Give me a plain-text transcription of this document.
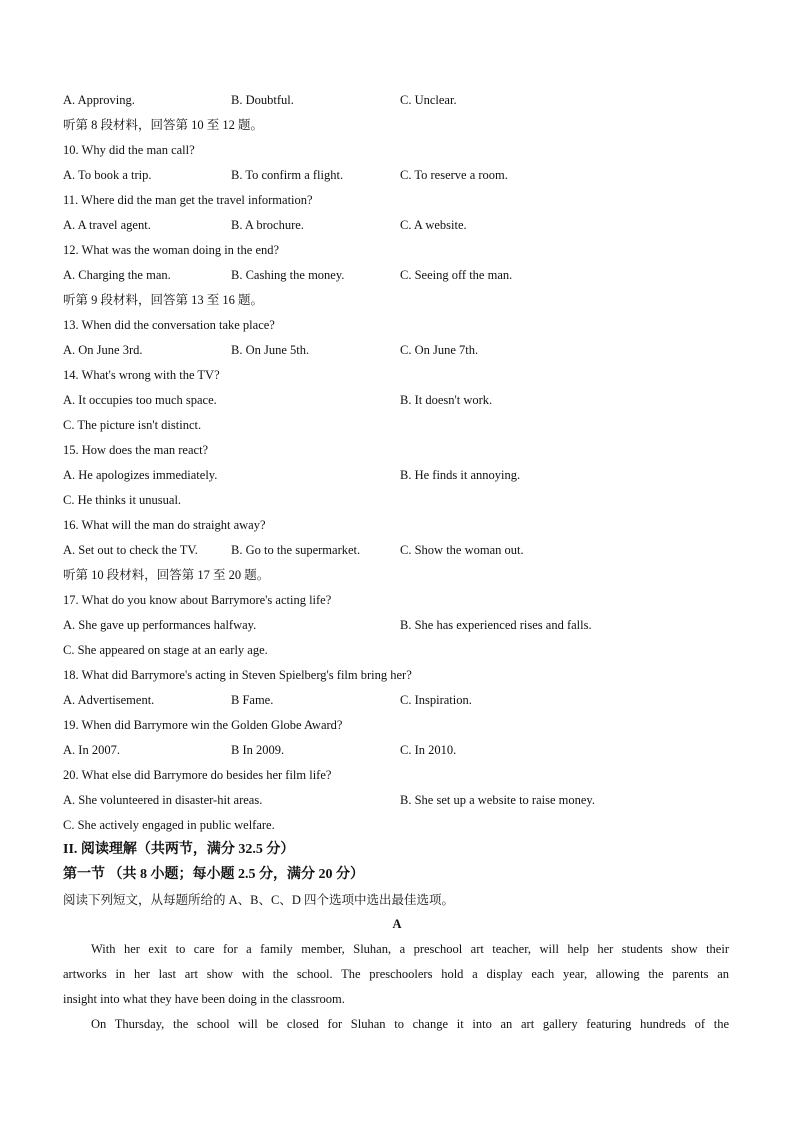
A. Approving.	B. Doubtful.	C. Unclear.
听第 8 段材料，回答第 10 至 12 题。
10. Why did the man call?
A. To book a trip.	B. To confirm a flight.	C. To reserve a room.
11. Where did the man get the travel information?
A. A travel agent.	B. A brochure.	C. A website.
12. What was the woman doing in the end?
A. Charging the man.	B. Cashing the money.	C. Seeing off the man.
听第 9 段材料，回答第 13 至 16 题。
13. When did the conversation take place?
A. On June 3rd.	B. On June 5th.	C. On June 7th.
14. What's wrong with the TV?
A. It occupies too much space.	B. It doesn't work.
C. The picture isn't distinct.
15. How does the man react?
A. He apologizes immediately.	B. He finds it annoying.
C. He thinks it unusual.
16. What will the man do straight away?
A. Set out to check the TV.	B. Go to the supermarket.	C. Show the woman out.
听第 10 段材料，回答第 17 至 20 题。
17. What do you know about Barrymore's acting life?
A. She gave up performances halfway.	B. She has experienced rises and falls.
C. She appeared on stage at an early age.
18. What did Barrymore's acting in Steven Spielberg's film bring her?
A. Advertisement.	B Fame.	C. Inspiration.
19. When did Barrymore win the Golden Globe Award?
A. In 2007.	B In 2009.	C. In 2010.
20. What else did Barrymore do besides her film life?
A. She volunteered in disaster-hit areas.	B. She set up a website to raise money.
C. She actively engaged in public welfare.
II. 阅读理解（共两节，满分 32.5 分）
第一节 （共 8 小题；每小题 2.5 分，满分 20 分）
阅读下列短文，从每题所给的 A、B、C、D 四个选项中选出最佳选项。
A
With her exit to care for a family member, Sluhan, a preschool art teacher, will help her students show their
artworks in her last art show with the school. The preschoolers hold a display each year, allowing the parents an
insight into what they have been doing in the classroom.
On Thursday, the school will be closed for Sluhan to change it into an art gallery featuring hundreds of the
